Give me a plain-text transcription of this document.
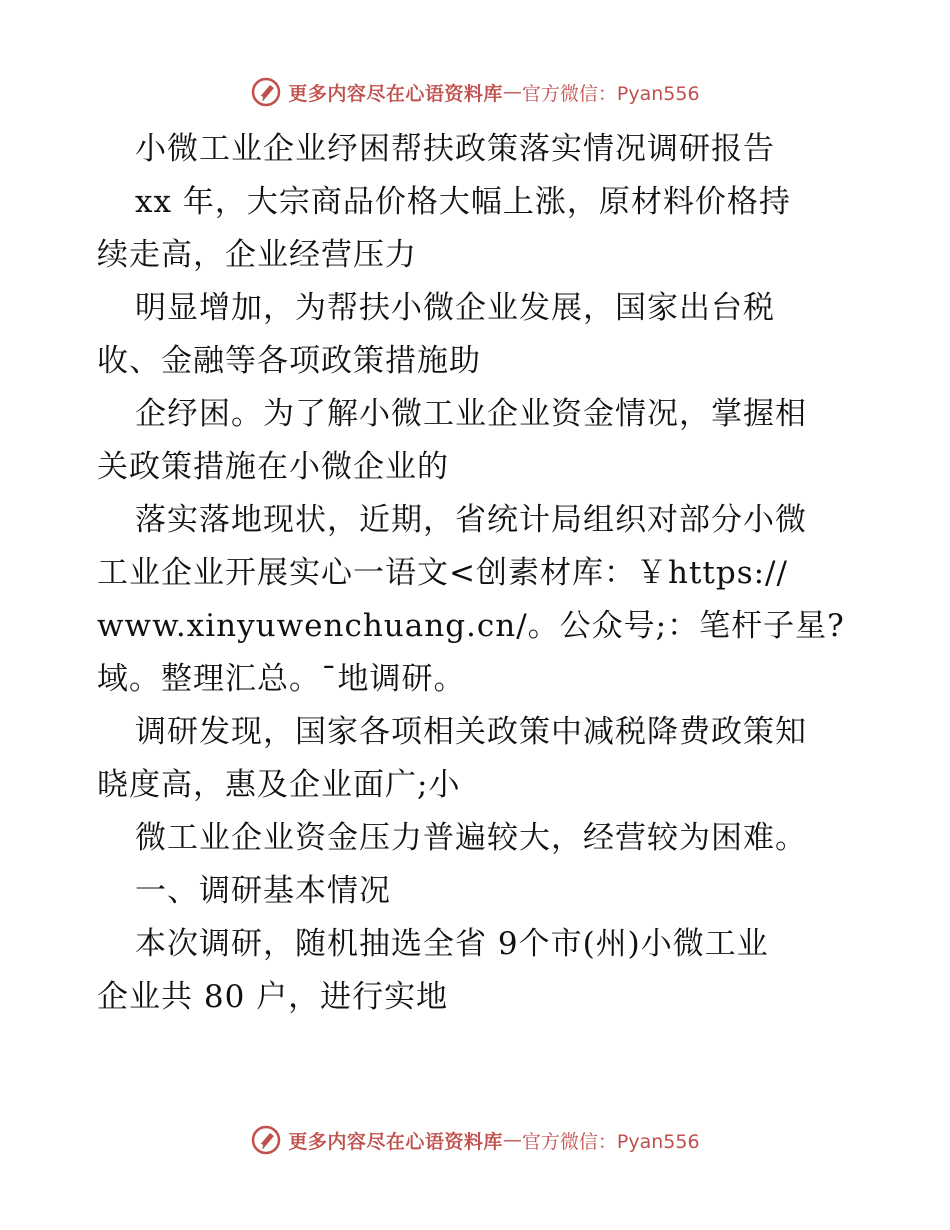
更多内容尽在心语资料库 — 官方微信：Pyan556
小微工业企业纾困帮扶政策落实情况调研报告
xx 年，大宗商品价格大幅上涨，原材料价格持
续走高，企业经营压力
明显增加，为帮扶小微企业发展，国家出台税
收、金融等各项政策措施助
企纾困。为了解小微工业企业资金情况，掌握相
关政策措施在小微企业的
落实落地现状，近期，省统计局组织对部分小微
工业企业开展实心一语文<创素材库：￥https://
www.xinyuwenchuang.cn/。公众号;：笔杆子星?
域。整理汇总。¯地调研。
调研发现，国家各项相关政策中减税降费政策知
晓度高，惠及企业面广;小
微工业企业资金压力普遍较大，经营较为困难。
一、调研基本情况
本次调研，随机抽选全省 9个市(州)小微工业
企业共 80 户，进行实地
更多内容尽在心语资料库 — 官方微信：Pyan556
